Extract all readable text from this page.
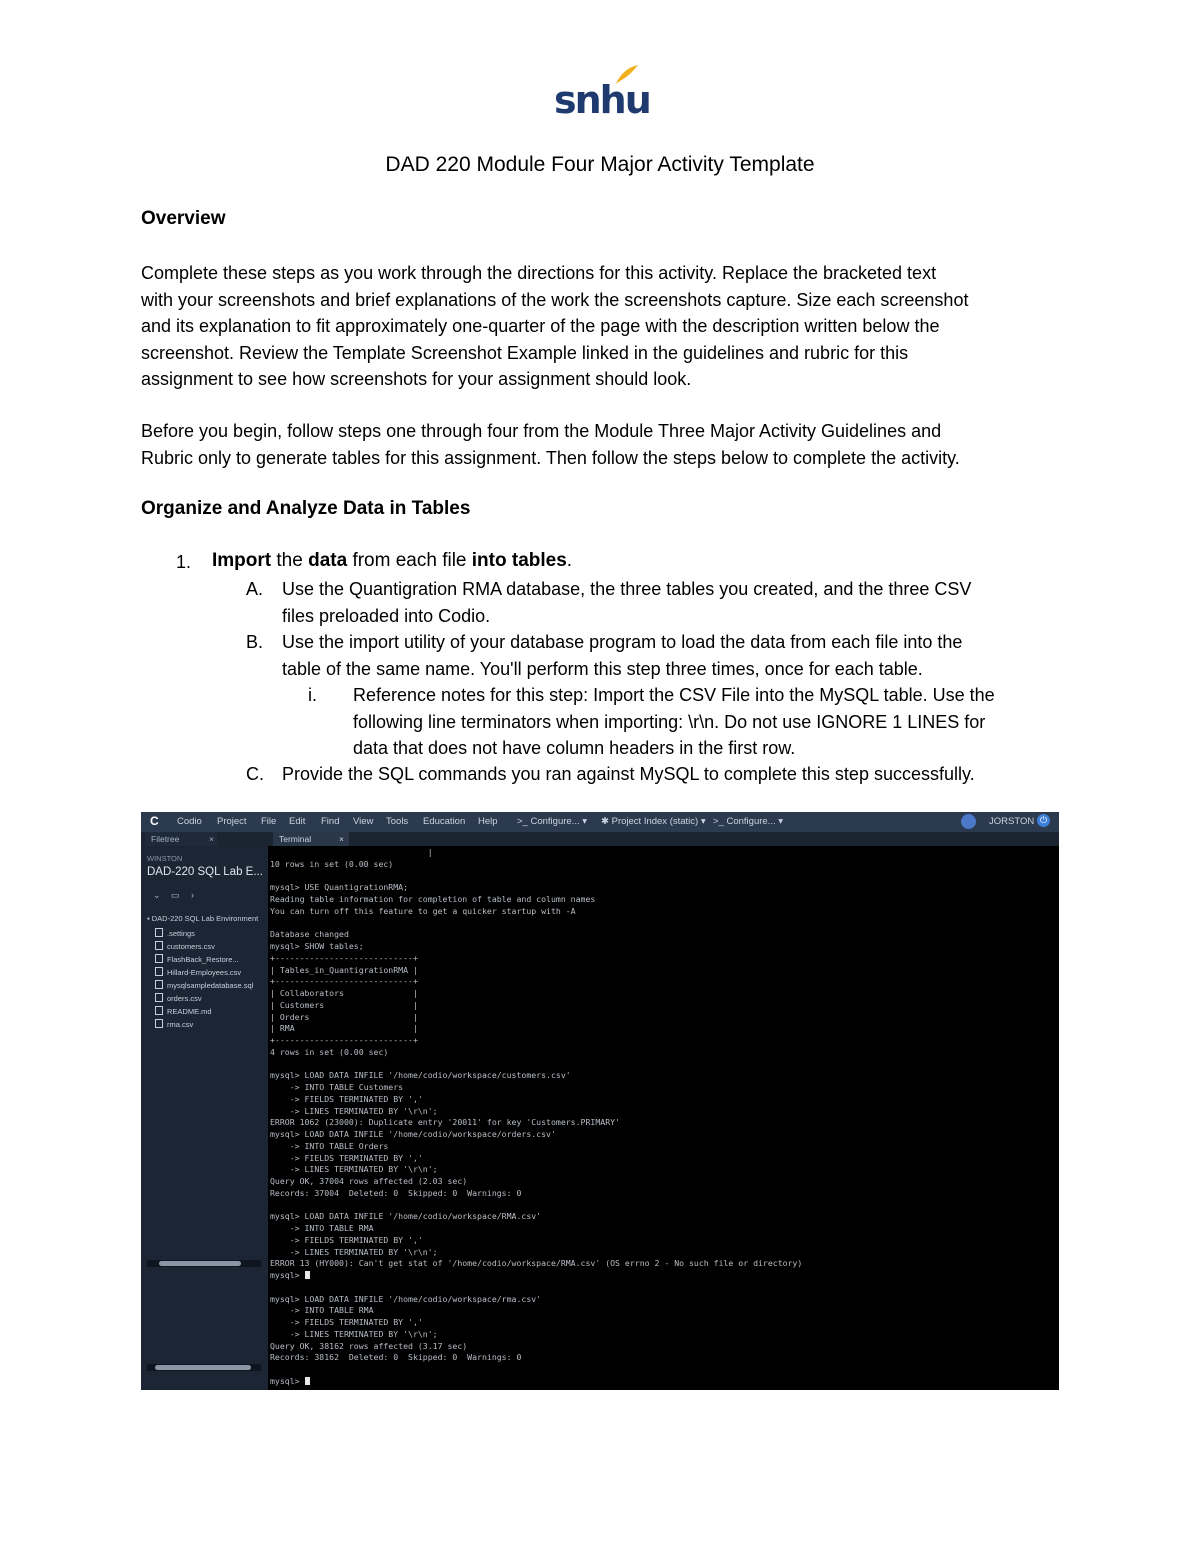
snhu
DAD 220 Module Four Major Activity Template
Overview
Complete these steps as you work through the directions for this activity. Replace the bracketed text
with your screenshots and brief explanations of the work the screenshots capture. Size each screenshot
and its explanation to fit approximately one-quarter of the page with the description written below the
screenshot. Review the Template Screenshot Example linked in the guidelines and rubric for this
assignment to see how screenshots for your assignment should look.
Before you begin, follow steps one through four from the Module Three Major Activity Guidelines and
Rubric only to generate tables for this assignment. Then follow the steps below to complete the activity.
Organize and Analyze Data in Tables
1. Import the data from each file into tables.
A. Use the Quantigration RMA database, the three tables you created, and the three CSV
files preloaded into Codio.
B. Use the import utility of your database program to load the data from each file into the
table of the same name. You'll perform this step three times, once for each table.
i. Reference notes for this step: Import the CSV File into the MySQL table. Use the
following line terminators when importing: \r\n. Do not use IGNORE 1 LINES for
data that does not have column headers in the first row.
C. Provide the SQL commands you ran against MySQL to complete this step successfully.
C	Codio Project File Edit Find View Tools Education Help >_ Configure... ▾ ✱ Project Index (static) ▾ >_ Configure... ▾	JORSTON ⏻
Filetree	×	Terminal	×
WINSTON
DAD-220 SQL Lab E...
⌄ ▭ ›
▪ DAD-220 SQL Lab Environment
.settings
customers.csv
FlashBack_Restore...
Hillard-Employees.csv
mysqlsampledatabase.sql
orders.csv
README.md
rma.csv
|
10 rows in set (0.00 sec)
mysql> USE QuantigrationRMA;
Reading table information for completion of table and column names
You can turn off this feature to get a quicker startup with -A
Database changed
mysql> SHOW tables;
+----------------------------+
| Tables_in_QuantigrationRMA |
+----------------------------+
| Collaborators              |
| Customers                  |
| Orders                     |
| RMA                        |
+----------------------------+
4 rows in set (0.00 sec)
mysql> LOAD DATA INFILE '/home/codio/workspace/customers.csv'
-> INTO TABLE Customers
-> FIELDS TERMINATED BY ','
-> LINES TERMINATED BY '\r\n';
ERROR 1062 (23000): Duplicate entry '20011' for key 'Customers.PRIMARY'
mysql> LOAD DATA INFILE '/home/codio/workspace/orders.csv'
-> INTO TABLE Orders
-> FIELDS TERMINATED BY ','
-> LINES TERMINATED BY '\r\n';
Query OK, 37004 rows affected (2.03 sec)
Records: 37004  Deleted: 0  Skipped: 0  Warnings: 0
mysql> LOAD DATA INFILE '/home/codio/workspace/RMA.csv'
-> INTO TABLE RMA
-> FIELDS TERMINATED BY ','
-> LINES TERMINATED BY '\r\n';
ERROR 13 (HY000): Can't get stat of '/home/codio/workspace/RMA.csv' (OS errno 2 - No such file or directory)
mysql>
mysql> LOAD DATA INFILE '/home/codio/workspace/rma.csv'
-> INTO TABLE RMA
-> FIELDS TERMINATED BY ','
-> LINES TERMINATED BY '\r\n';
Query OK, 38162 rows affected (3.17 sec)
Records: 38162  Deleted: 0  Skipped: 0  Warnings: 0
mysql>
